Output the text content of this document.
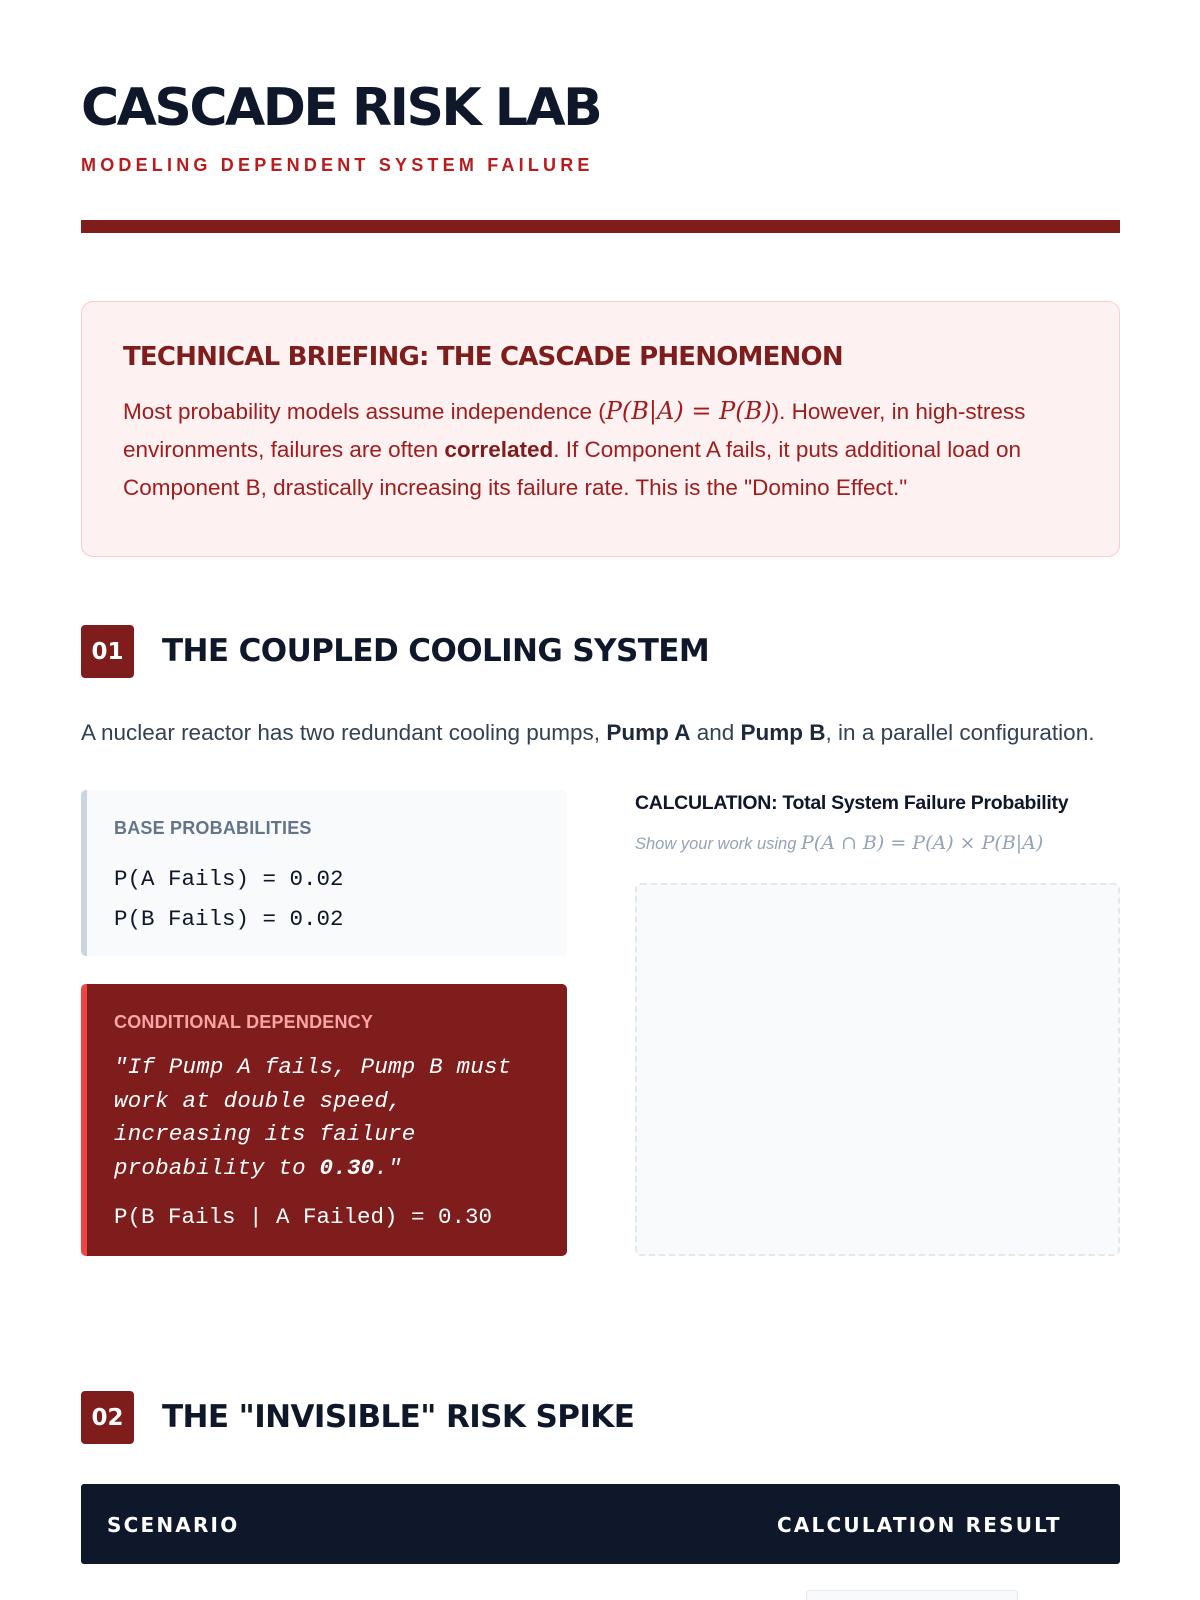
CASCADE RISK LAB
MODELING DEPENDENT SYSTEM FAILURE
TECHNICAL BRIEFING: THE CASCADE PHENOMENON

Most probability models assume independence (P(B|A) = P(B)). However, in high-stress environments, failures are often correlated. If Component A fails, it puts additional load on Component B, drastically increasing its failure rate. This is the "Domino Effect."

01	THE COUPLED COOLING SYSTEM

A nuclear reactor has two redundant cooling pumps, Pump A and Pump B, in a parallel configuration.

BASE PROBABILITIES
P(A Fails) = 0.02
P(B Fails) = 0.02
CONDITIONAL DEPENDENCY
"If Pump A fails, Pump B must work at double speed, increasing its failure probability to 0.30."
P(B Fails | A Failed) = 0.30
CALCULATION: Total System Failure Probability
Show your work using P(A ∩ B) = P(A) × P(B|A)
02	THE "INVISIBLE" RISK SPIKE
SCENARIO	CALCULATION RESULT
